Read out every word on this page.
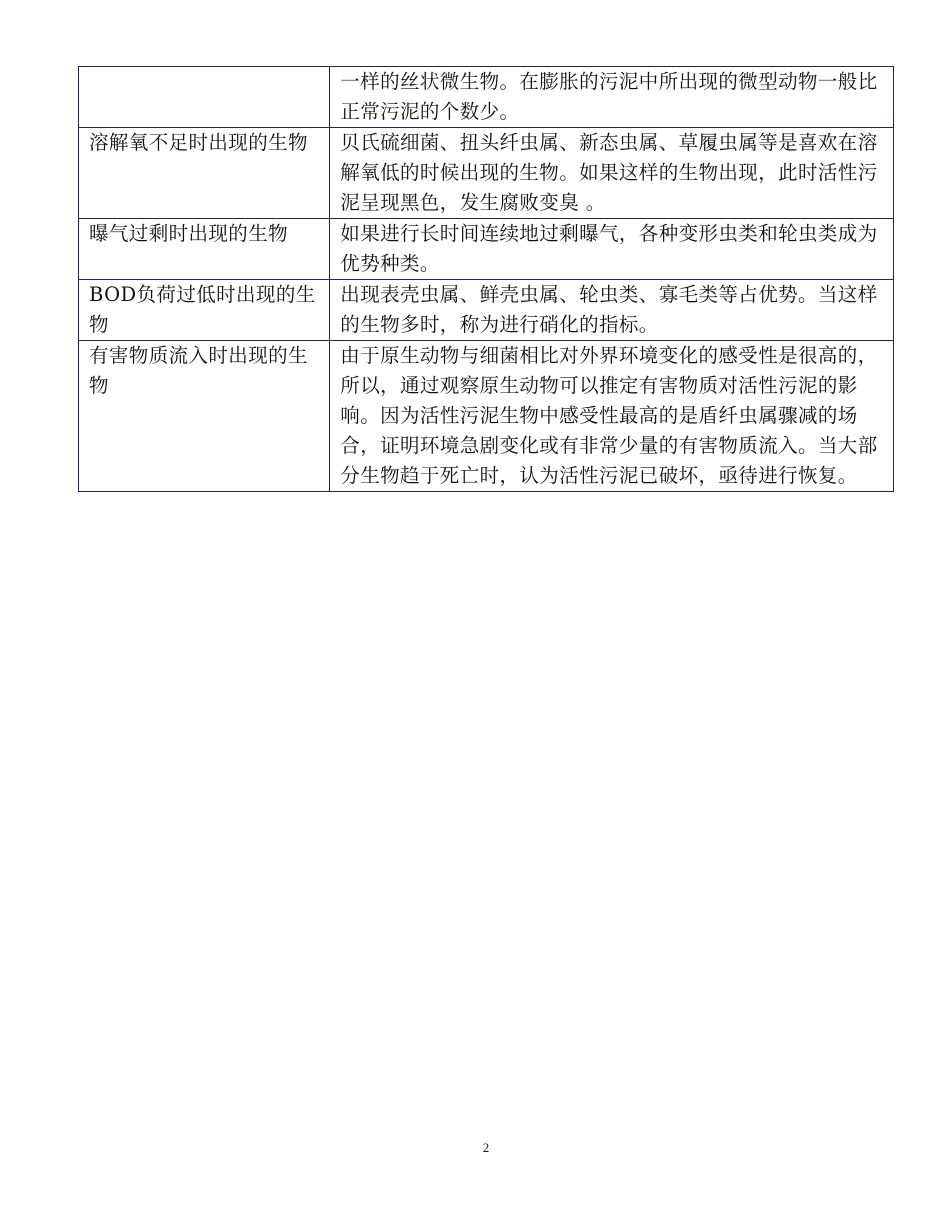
	一样的丝状微生物。在膨胀的污泥中所出现的微型动物一般比正常污泥的个数少。
溶解氧不足时出现的生物	贝氏硫细菌、扭头纤虫属、新态虫属、草履虫属等是喜欢在溶解氧低的时候出现的生物。如果这样的生物出现，此时活性污泥呈现黑色，发生腐败变臭 。
曝气过剩时出现的生物	如果进行长时间连续地过剩曝气，各种变形虫类和轮虫类成为优势种类。
BOD负荷过低时出现的生物	出现表壳虫属、鲜壳虫属、轮虫类、寡毛类等占优势。当这样的生物多时，称为进行硝化的指标。
有害物质流入时出现的生物	由于原生动物与细菌相比对外界环境变化的感受性是很高的，所以，通过观察原生动物可以推定有害物质对活性污泥的影响。因为活性污泥生物中感受性最高的是盾纤虫属骤减的场合，证明环境急剧变化或有非常少量的有害物质流入。当大部分生物趋于死亡时，认为活性污泥已破坏，亟待进行恢复。
2
